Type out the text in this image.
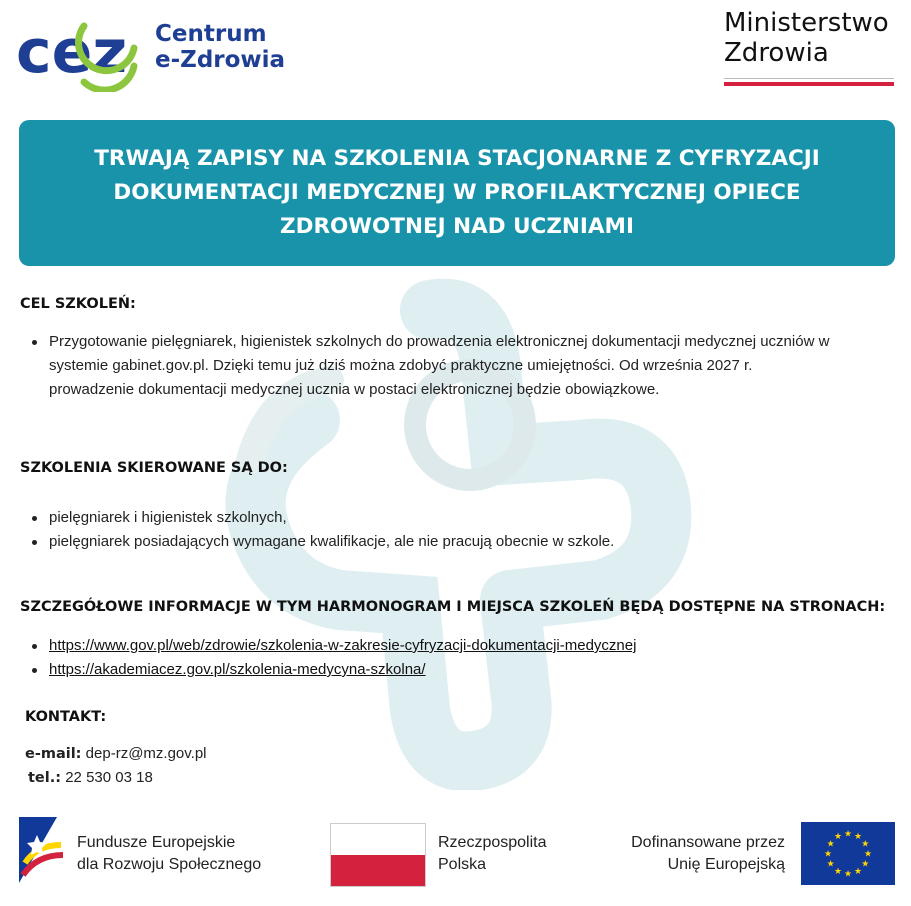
cez Centrum
e-Zdrowia
Ministerstwo
Zdrowia
TRWAJĄ ZAPISY NA SZKOLENIA STACJONARNE Z CYFRYZACJI DOKUMENTACJI MEDYCZNEJ W PROFILAKTYCZNEJ OPIECE ZDROWOTNEJ NAD UCZNIAMI
CEL SZKOLEŃ:
Przygotowanie pielęgniarek, higienistek szkolnych do prowadzenia elektronicznej dokumentacji medycznej uczniów w systemie gabinet.gov.pl. Dzięki temu już dziś można zdobyć praktyczne umiejętności. Od września 2027 r. prowadzenie dokumentacji medycznej ucznia w postaci elektronicznej będzie obowiązkowe.
SZKOLENIA SKIEROWANE SĄ DO:
pielęgniarek i higienistek szkolnych,
pielęgniarek posiadających wymagane kwalifikacje, ale nie pracują obecnie w szkole.
SZCZEGÓŁOWE INFORMACJE W TYM HARMONOGRAM I MIEJSCA SZKOLEŃ BĘDĄ DOSTĘPNE NA STRONACH:
https://www.gov.pl/web/zdrowie/szkolenia-w-zakresie-cyfryzacji-dokumentacji-medycznej
https://akademiacez.gov.pl/szkolenia-medycyna-szkolna/
KONTAKT:
e-mail: dep-rz@mz.gov.pl
tel.: 22 530 03 18
Fundusze Europejskie
dla Rozwoju Społecznego
Rzeczpospolita
Polska
Dofinansowane przez
Unię Europejską
★
★
★
★
★
★
★
★
★ ★ ★
★
